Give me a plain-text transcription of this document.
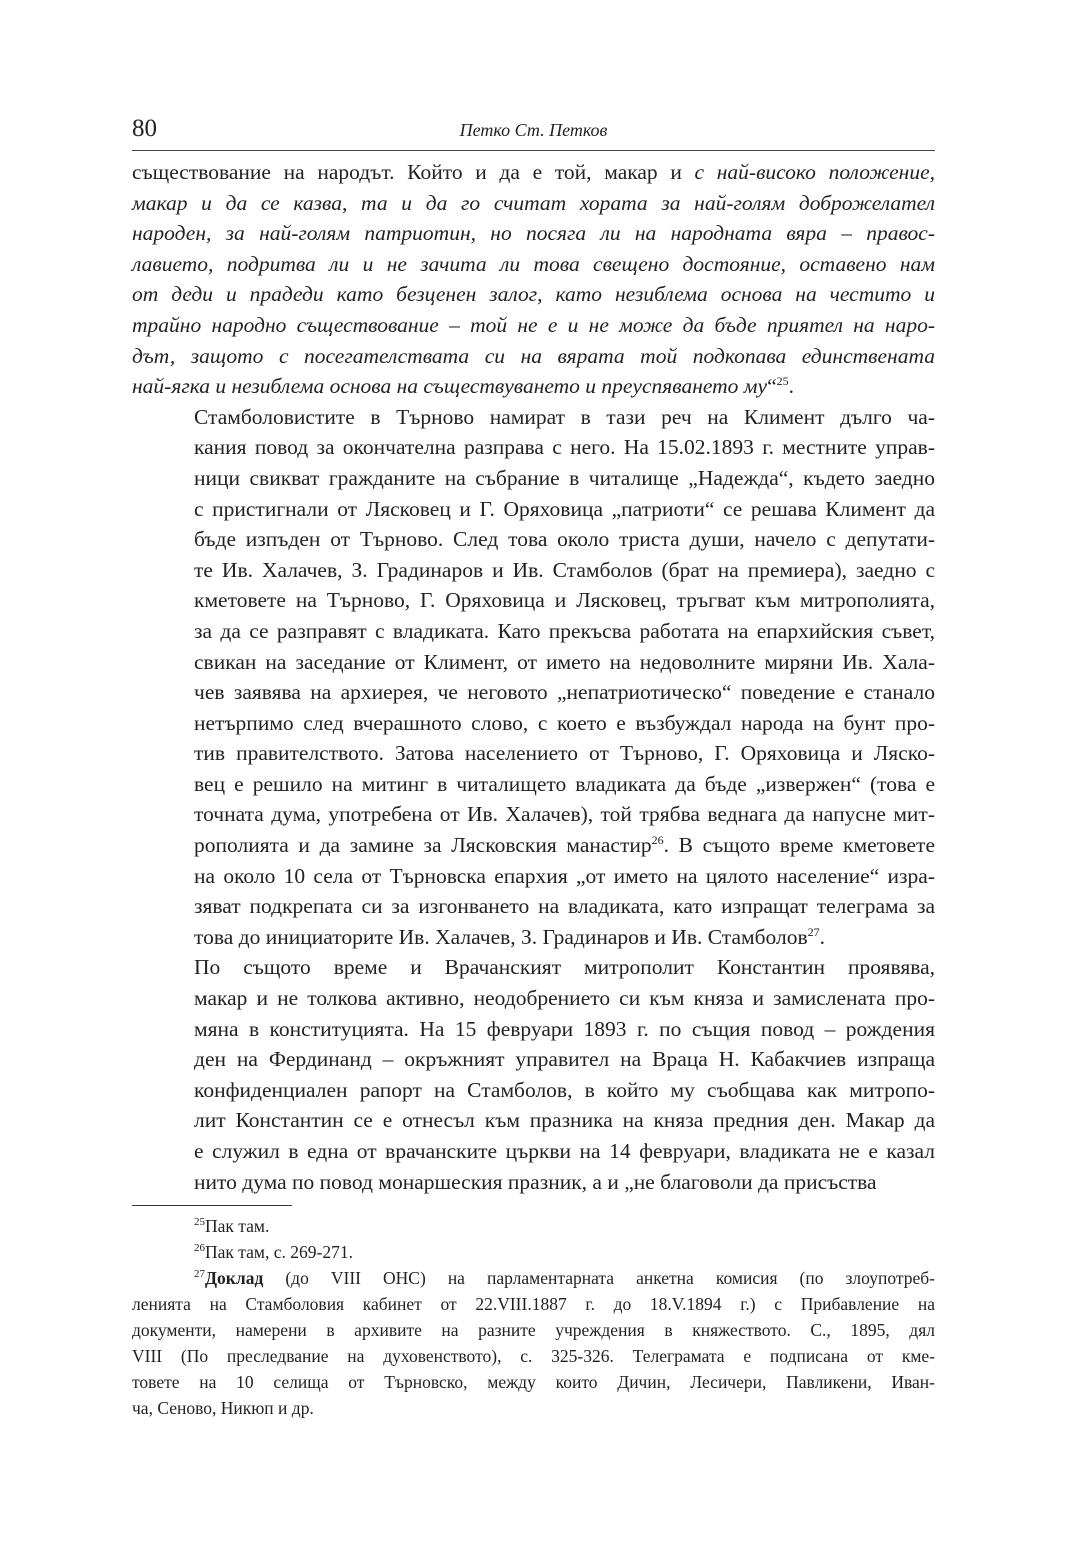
80	Петко Ст. Петков

съществование на народът. Който и да е той, макар и с най-високо положение,
макар и да се казва, та и да го считат хората за най-голям доброжелател
народен, за най-голям патриотин, но посяга ли на народната вяра – правос-
лавието, подритва ли и не зачита ли това свещено достояние, оставено нам
от деди и прадеди като безценен залог, като незиблема основа на честито и
трайно народно съществование – той не е и не може да бъде приятел на наро-
дът, защото с посегателствата си на вярата той подкопава единствената
най-ягка и незиблема основа на съществуването и преуспяването му“$^{25}$.

Стамболовистите в Търново намират в тази реч на Климент дълго ча-
кания повод за окончателна разправа с него. На 15.02.1893 г. местните управ-
ници свикват гражданите на събрание в читалище „Надежда“, където заедно
с пристигнали от Лясковец и Г. Оряховица „патриоти“ се решава Климент да
бъде изпъден от Търново. След това около триста души, начело с депутати-
те Ив. Халачев, З. Градинаров и Ив. Стамболов (брат на премиера), заедно с
кметовете на Търново, Г. Оряховица и Лясковец, тръгват към митрополията,
за да се разправят с владиката. Като прекъсва работата на епархийския съвет,
свикан на заседание от Климент, от името на недоволните миряни Ив. Хала-
чев заявява на архиерея, че неговото „непатриотическо“ поведение е станало
нетърпимо след вчерашното слово, с което е възбуждал народа на бунт про-
тив правителството. Затова населението от Търново, Г. Оряховица и Ляско-
вец е решило на митинг в читалището владиката да бъде „извержен“ (това е
точната дума, употребена от Ив. Халачев), той трябва веднага да напусне мит-
рополията и да замине за Лясковския манастир$^{26}$. В същото време кметовете
на около 10 села от Търновска епархия „от името на цялото население“ изра-
зяват подкрепата си за изгонването на владиката, като изпращат телеграма за
това до инициаторите Ив. Халачев, З. Градинаров и Ив. Стамболов$^{27}$.

По същото време и Врачанският митрополит Константин проявява,
макар и не толкова активно, неодобрението си към княза и замислената про-
мяна в конституцията. На 15 февруари 1893 г. по същия повод – рождения
ден на Фердинанд – окръжният управител на Враца Н. Кабакчиев изпраща
конфиденциален рапорт на Стамболов, в който му съобщава как митропо-
лит Константин се е отнесъл към празника на княза предния ден. Макар да
е служил в една от врачанските църкви на 14 февруари, владиката не е казал
нито дума по повод монаршеския празник, а и „не благоволи да присъства

$^{25}$Пак там.
$^{26}$Пак там, с. 269-271.
$^{27}$Доклад (до VIII ОНС) на парламентарната анкетна комисия (по злоупотреб-
ленията на Стамболовия кабинет от 22.VIII.1887 г. до 18.V.1894 г.) с Прибавление на
документи, намерени в архивите на разните учреждения в княжеството. С., 1895, дял
VIII (По преследвание на духовенството), с. 325-326. Телеграмата е подписана от кме-
товете на 10 селища от Търновско, между които Дичин, Лесичери, Павликени, Иван-
ча, Сеново, Никюп и др.
